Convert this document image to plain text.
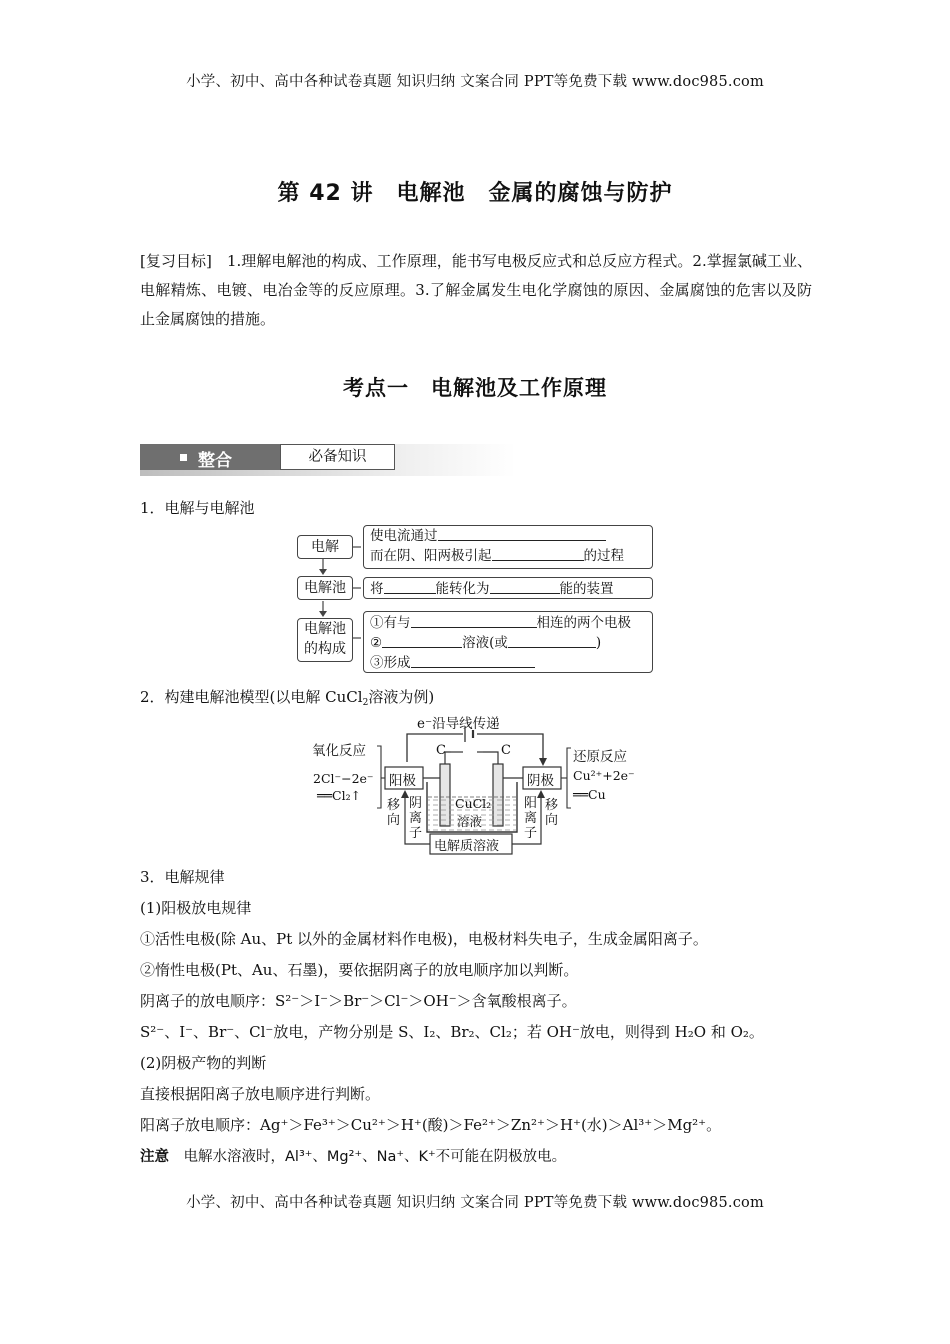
小学、初中、高中各种试卷真题 知识归纳 文案合同 PPT等免费下载 www.doc985.com
小学、初中、高中各种试卷真题 知识归纳 文案合同 PPT等免费下载 www.doc985.com
第 42 讲　电解池　金属的腐蚀与防护
[复习目标]　1.理解电解池的构成、工作原理，能书写电极反应式和总反应方程式。2.掌握氯碱工业、电解精炼、电镀、电冶金等的反应原理。3.了解金属发生电化学腐蚀的原因、金属腐蚀的危害以及防止金属腐蚀的措施。
考点一　电解池及工作原理
整合	必备知识
1．电解与电解池
电解
电解池
电解池
的构成
使电流通过
而在阴、阳两极引起	的过程
将	能转化为	能的装置
①有与	相连的两个电极
②	溶液(或	)
③形成
2．构建电解池模型(以电解 CuCl$_2$溶液为例)
e⁻沿导线传递
C	C
氧化反应	还原反应
阳极	阴极
2Cl⁻−2e⁻
══Cl₂↑
Cu²⁺+2e⁻
══Cu
CuCl₂
溶液
电解质溶液
移向
阴离子
阳离子
移向
3．电解规律
(1)阳极放电规律
①活性电极(除 Au、Pt 以外的金属材料作电极)，电极材料失电子，生成金属阳离子。
②惰性电极(Pt、Au、石墨)，要依据阴离子的放电顺序加以判断。
阴离子的放电顺序：S²⁻＞I⁻＞Br⁻＞Cl⁻＞OH⁻＞含氧酸根离子。
S²⁻、I⁻、Br⁻、Cl⁻放电，产物分别是 S、I₂、Br₂、Cl₂；若 OH⁻放电，则得到 H₂O 和 O₂。
(2)阴极产物的判断
直接根据阳离子放电顺序进行判断。
阳离子放电顺序：Ag⁺＞Fe³⁺＞Cu²⁺＞H⁺(酸)＞Fe²⁺＞Zn²⁺＞H⁺(水)＞Al³⁺＞Mg²⁺。
注意　电解水溶液时，Al³⁺、Mg²⁺、Na⁺、K⁺不可能在阴极放电。
